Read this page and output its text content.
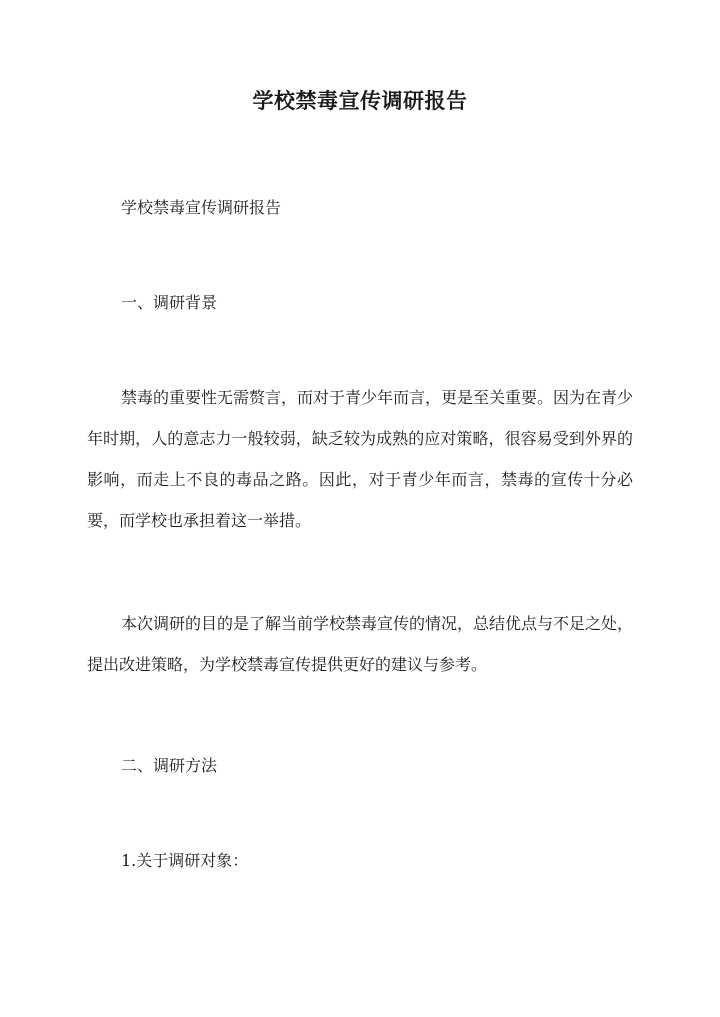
学校禁毒宣传调研报告

学校禁毒宣传调研报告

一、调研背景

禁毒的重要性无需赘言，而对于青少年而言，更是至关重要。因为在青少年时期，人的意志力一般较弱，缺乏较为成熟的应对策略，很容易受到外界的影响，而走上不良的毒品之路。因此，对于青少年而言，禁毒的宣传十分必要，而学校也承担着这一举措。

本次调研的目的是了解当前学校禁毒宣传的情况，总结优点与不足之处，提出改进策略，为学校禁毒宣传提供更好的建议与参考。

二、调研方法

1.关于调研对象：
